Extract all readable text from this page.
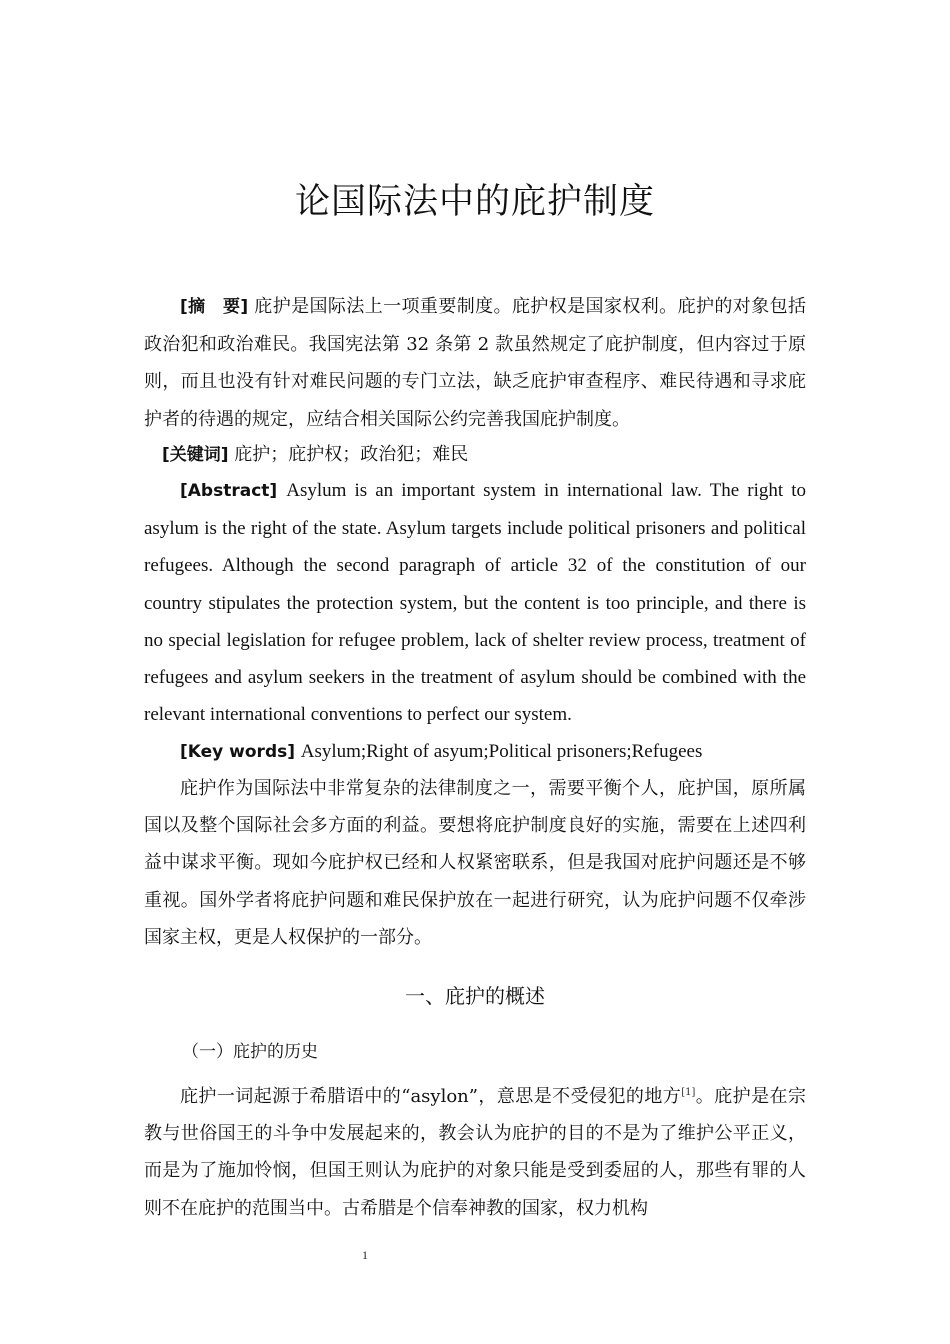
论国际法中的庇护制度

[摘　要] 庇护是国际法上一项重要制度。庇护权是国家权利。庇护的对象包括政治犯和政治难民。我国宪法第 32 条第 2 款虽然规定了庇护制度，但内容过于原则，而且也没有针对难民问题的专门立法，缺乏庇护审查程序、难民待遇和寻求庇护者的待遇的规定，应结合相关国际公约完善我国庇护制度。

[关键词] 庇护；庇护权；政治犯；难民

[Abstract] Asylum is an important system in international law. The right to asylum is the right of the state. Asylum targets include political prisoners and political refugees. Although the second paragraph of article 32 of the constitution of our country stipulates the protection system, but the content is too principle, and there is no special legislation for refugee problem, lack of shelter review process, treatment of refugees and asylum seekers in the treatment of asylum should be combined with the relevant international conventions to perfect our system.

[Key words] Asylum;Right of asyum;Political prisoners;Refugees

庇护作为国际法中非常复杂的法律制度之一，需要平衡个人，庇护国，原所属国以及整个国际社会多方面的利益。要想将庇护制度良好的实施，需要在上述四利益中谋求平衡。现如今庇护权已经和人权紧密联系，但是我国对庇护问题还是不够重视。国外学者将庇护问题和难民保护放在一起进行研究，认为庇护问题不仅牵涉国家主权，更是人权保护的一部分。

一、庇护的概述
（一）庇护的历史

庇护一词起源于希腊语中的“asylon”，意思是不受侵犯的地方[1]。庇护是在宗教与世俗国王的斗争中发展起来的，教会认为庇护的目的不是为了维护公平正义，而是为了施加怜悯，但国王则认为庇护的对象只能是受到委屈的人，那些有罪的人则不在庇护的范围当中。古希腊是个信奉神教的国家，权力机构

1
